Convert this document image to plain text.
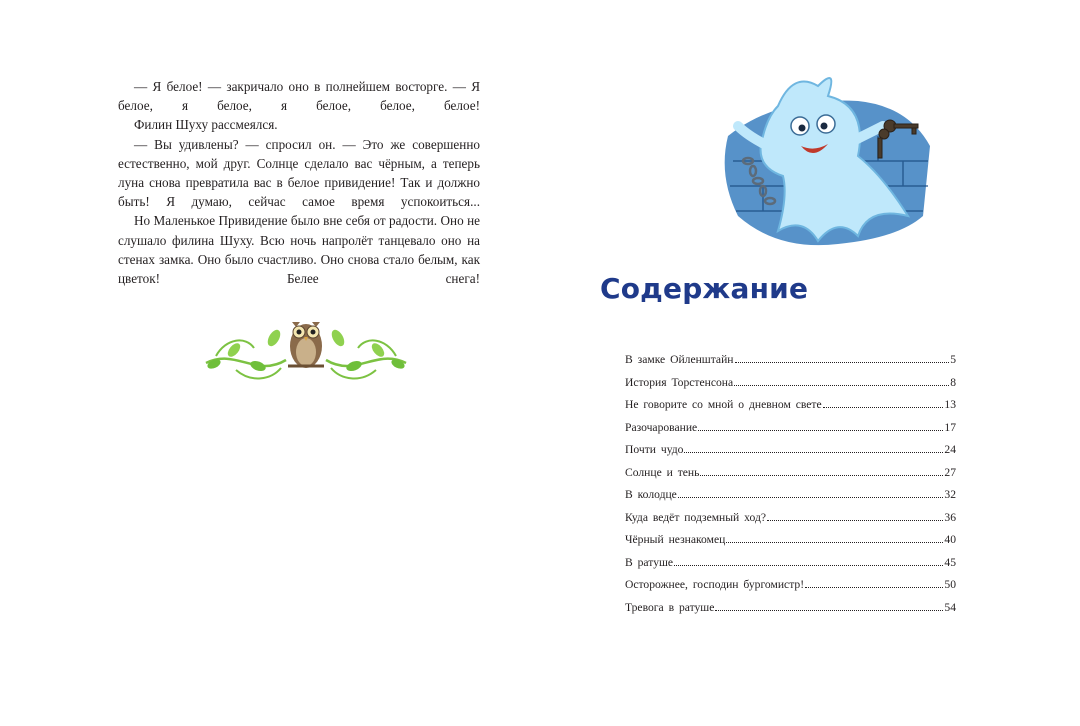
— Я белое! — закричало оно в полнейшем восторге. — Я белое, я белое, я белое, белое, белое!

Филин Шуху рассмеялся.

— Вы удивлены? — спросил он. — Это же совершенно естественно, мой друг. Солнце сделало вас чёрным, а теперь луна снова превратила вас в белое привидение! Так и должно быть! Я думаю, сейчас самое время успокоиться...

Но Маленькое Привидение было вне себя от радости. Оно не слушало филина Шуху. Всю ночь напролёт танцевало оно на стенах замка. Оно было счастливо. Оно снова стало белым, как цветок! Белее снега!	Содержание
В замке Ойленштайн	5
История Торстенсона	8
Не говорите со мной о дневном свете	13
Разочарование	17
Почти чудо	24
Солнце и тень	27
В колодце	32
Куда ведёт подземный ход?	36
Чёрный незнакомец	40
В ратуше	45
Осторожнее, господин бургомистр!	50
Тревога в ратуше	54
